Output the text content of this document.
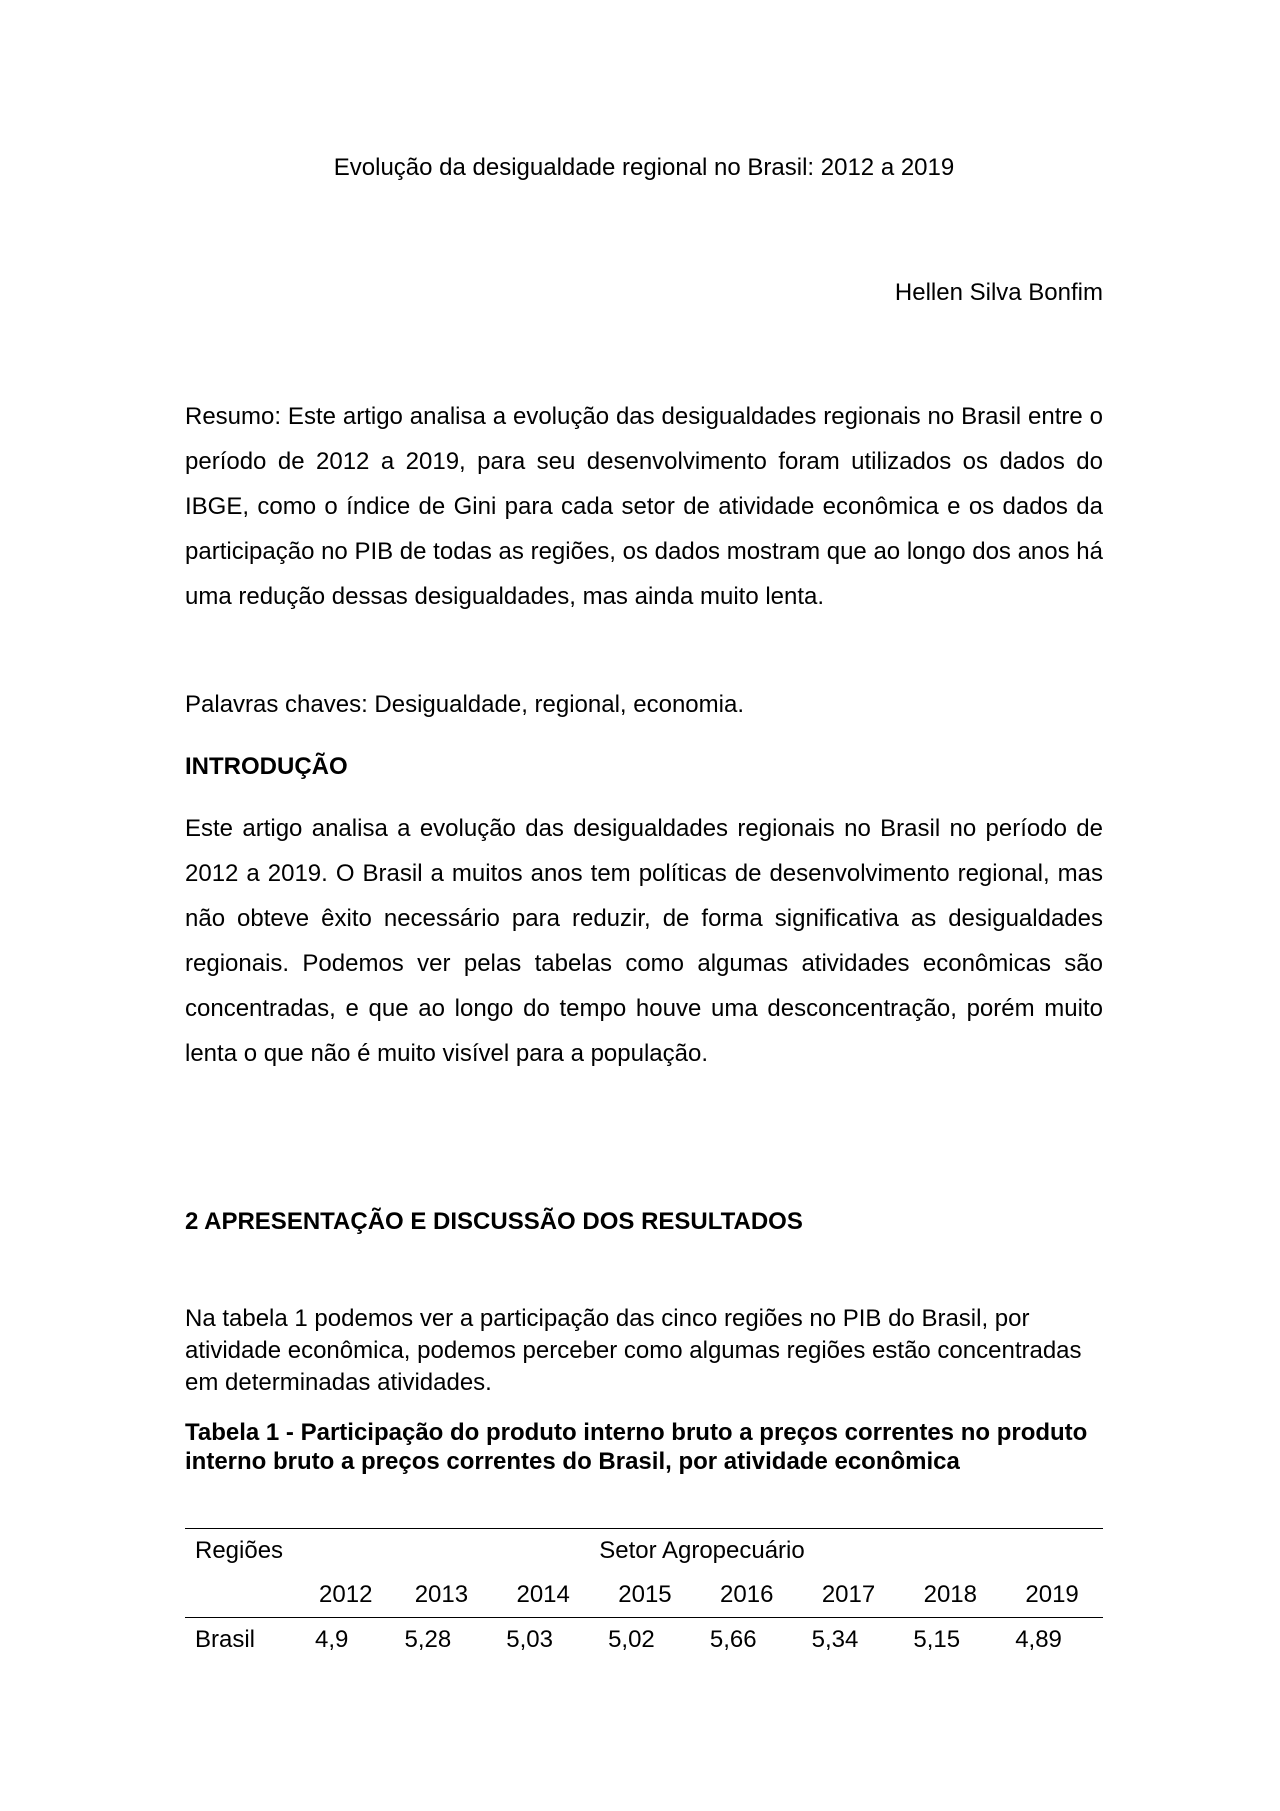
Evolução da desigualdade regional no Brasil: 2012 a 2019
Hellen Silva Bonfim
Resumo: Este artigo analisa a evolução das desigualdades regionais no Brasil entre o período de 2012 a 2019, para seu desenvolvimento foram utilizados os dados do IBGE, como o índice de Gini para cada setor de atividade econômica e os dados da participação no PIB de todas as regiões, os dados mostram que ao longo dos anos há uma redução dessas desigualdades, mas ainda muito lenta.
Palavras chaves: Desigualdade, regional, economia.
INTRODUÇÃO
Este artigo analisa a evolução das desigualdades regionais no Brasil no período de 2012 a 2019. O Brasil a muitos anos tem políticas de desenvolvimento regional, mas não obteve êxito necessário para reduzir, de forma significativa as desigualdades regionais. Podemos ver pelas tabelas como algumas atividades econômicas são concentradas, e que ao longo do tempo houve uma desconcentração, porém muito lenta o que não é muito visível para a população.
2 APRESENTAÇÃO E DISCUSSÃO DOS RESULTADOS
Na tabela 1 podemos ver a participação das cinco regiões no PIB do Brasil, por atividade econômica, podemos perceber como algumas regiões estão concentradas em determinadas atividades.
Tabela 1 - Participação do produto interno bruto a preços correntes no produto interno bruto a preços correntes do Brasil, por atividade econômica
Regiões	Setor Agropecuário							
	2012	2013	2014	2015	2016	2017	2018	2019
Brasil	4,9	5,28	5,03	5,02	5,66	5,34	5,15	4,89
